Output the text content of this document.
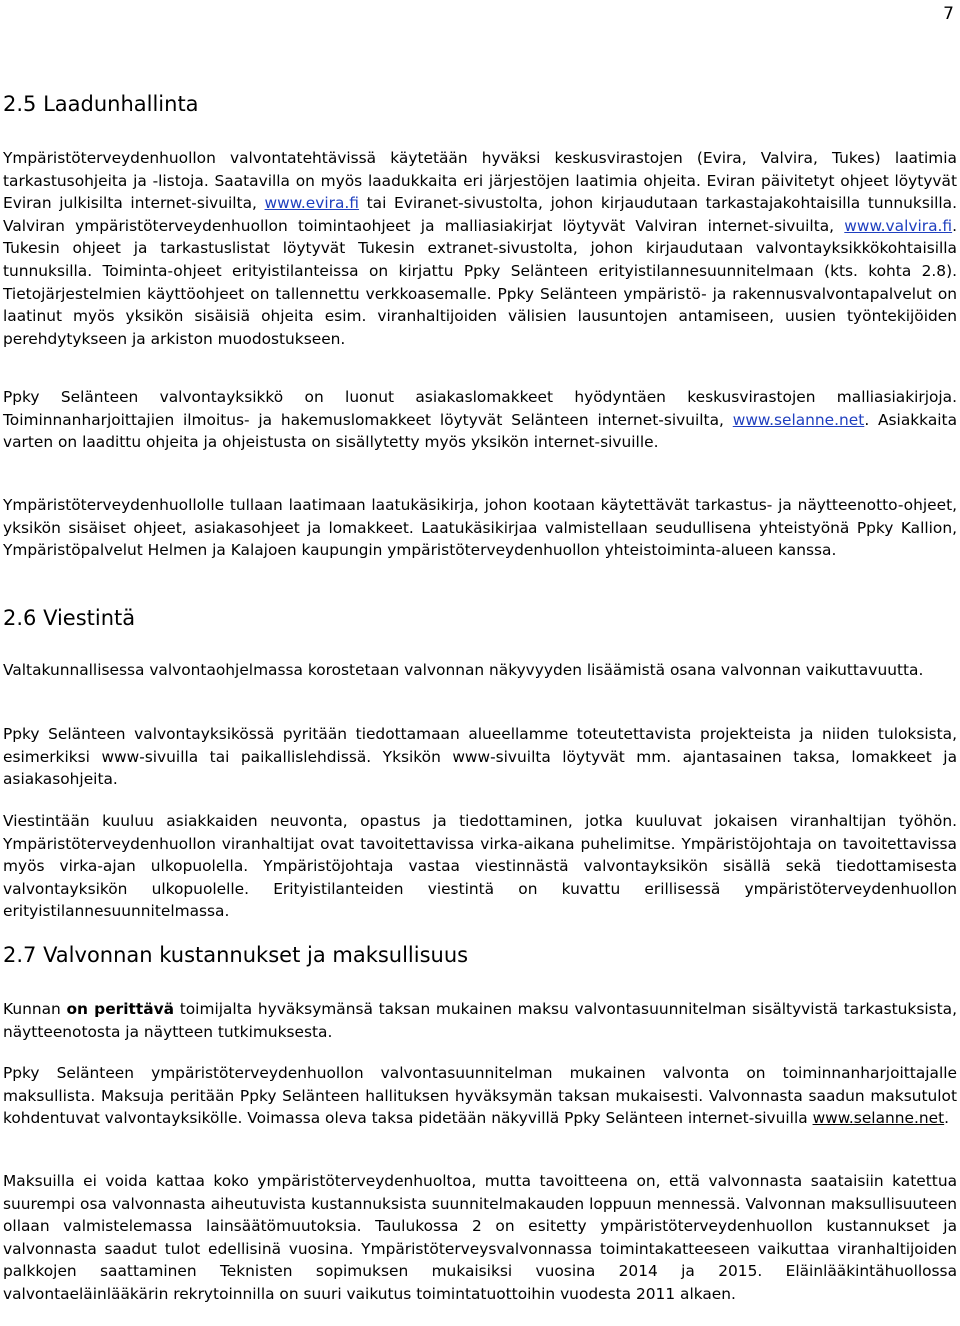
7
2.5 Laadunhallinta

Ympäristöterveydenhuollon valvontatehtävissä käytetään hyväksi keskusvirastojen (Evira, Valvira, Tukes) laatimia tarkastusohjeita ja -listoja. Saatavilla on myös laadukkaita eri järjestöjen laatimia ohjeita. Eviran päivitetyt ohjeet löytyvät Eviran julkisilta internet-sivuilta, www.evira.fi tai Eviranet-sivustolta, johon kirjaudutaan tarkastajakohtaisilla tunnuksilla. Valviran ympäristöterveydenhuollon toimintaohjeet ja malliasiakirjat löytyvät Valviran internet-sivuilta, www.valvira.fi. Tukesin ohjeet ja tarkastuslistat löytyvät Tukesin extranet-sivustolta, johon kirjaudutaan valvontayksikkökohtaisilla tunnuksilla. Toiminta-ohjeet erityistilanteissa on kirjattu Ppky Selänteen erityistilannesuunnitelmaan (kts. kohta 2.8). Tietojärjestelmien käyttöohjeet on tallennettu verkkoasemalle. Ppky Selänteen ympäristö- ja rakennusvalvontapalvelut on laatinut myös yksikön sisäisiä ohjeita esim. viranhaltijoiden välisien lausuntojen antamiseen, uusien työntekijöiden perehdytykseen ja arkiston muodostukseen.

Ppky Selänteen valvontayksikkö on luonut asiakaslomakkeet hyödyntäen keskusvirastojen malliasiakirjoja. Toiminnanharjoittajien ilmoitus- ja hakemuslomakkeet löytyvät Selänteen internet-sivuilta, www.selanne.net. Asiakkaita varten on laadittu ohjeita ja ohjeistusta on sisällytetty myös yksikön internet-sivuille.

Ympäristöterveydenhuollolle tullaan laatimaan laatukäsikirja, johon kootaan käytettävät tarkastus- ja näytteenotto-ohjeet, yksikön sisäiset ohjeet, asiakasohjeet ja lomakkeet. Laatukäsikirjaa valmistellaan seudullisena yhteistyönä Ppky Kallion, Ympäristöpalvelut Helmen ja Kalajoen kaupungin ympäristöterveydenhuollon yhteistoiminta-alueen kanssa.

2.6 Viestintä

Valtakunnallisessa valvontaohjelmassa korostetaan valvonnan näkyvyyden lisäämistä osana valvonnan vaikuttavuutta.

Ppky Selänteen valvontayksikössä pyritään tiedottamaan alueellamme toteutettavista projekteista ja niiden tuloksista, esimerkiksi www-sivuilla tai paikallislehdissä. Yksikön www-sivuilta löytyvät mm. ajantasainen taksa, lomakkeet ja asiakasohjeita.

Viestintään kuuluu asiakkaiden neuvonta, opastus ja tiedottaminen, jotka kuuluvat jokaisen viranhaltijan työhön. Ympäristöterveydenhuollon viranhaltijat ovat tavoitettavissa virka-aikana puhelimitse. Ympäristöjohtaja on tavoitettavissa myös virka-ajan ulkopuolella. Ympäristöjohtaja vastaa viestinnästä valvontayksikön sisällä sekä tiedottamisesta valvontayksikön ulkopuolelle. Erityistilanteiden viestintä on kuvattu erillisessä ympäristöterveydenhuollon erityistilannesuunnitelmassa.

2.7 Valvonnan kustannukset ja maksullisuus

Kunnan on perittävä toimijalta hyväksymänsä taksan mukainen maksu valvontasuunnitelman sisältyvistä tarkastuksista, näytteenotosta ja näytteen tutkimuksesta.

Ppky Selänteen ympäristöterveydenhuollon valvontasuunnitelman mukainen valvonta on toiminnanharjoittajalle maksullista. Maksuja peritään Ppky Selänteen hallituksen hyväksymän taksan mukaisesti. Valvonnasta saadun maksutulot kohdentuvat valvontayksikölle. Voimassa oleva taksa pidetään näkyvillä Ppky Selänteen internet-sivuilla www.selanne.net.

Maksuilla ei voida kattaa koko ympäristöterveydenhuoltoa, mutta tavoitteena on, että valvonnasta saataisiin katettua suurempi osa valvonnasta aiheutuvista kustannuksista suunnitelmakauden loppuun mennessä. Valvonnan maksullisuuteen ollaan valmistelemassa lainsäätömuutoksia. Taulukossa 2 on esitetty ympäristöterveydenhuollon kustannukset ja valvonnasta saadut tulot edellisinä vuosina. Ympäristöterveysvalvonnassa toimintakatteeseen vaikuttaa viranhaltijoiden palkkojen saattaminen Teknisten sopimuksen mukaisiksi vuosina 2014 ja 2015. Eläinlääkintähuollossa valvontaeläinlääkärin rekrytoinnilla on suuri vaikutus toimintatuottoihin vuodesta 2011 alkaen.
